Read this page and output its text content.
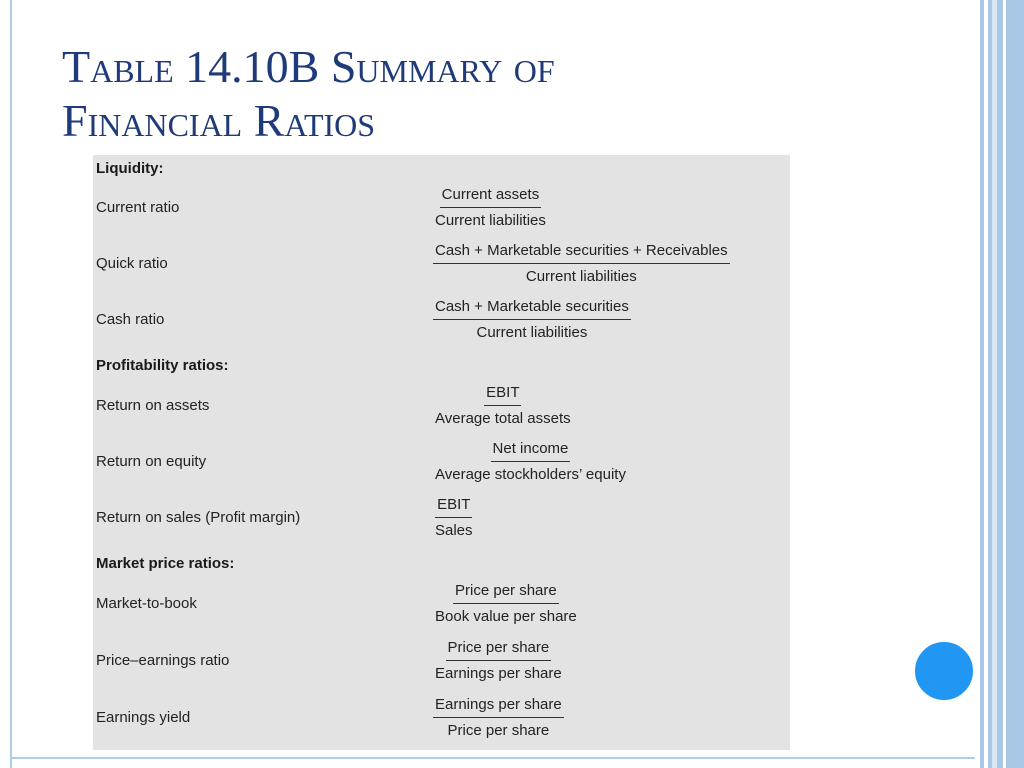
Table 14.10B Summary of
Financial Ratios
Liquidity:
Current ratio
Current assets
Current liabilities
Quick ratio
Cash + Marketable securities + Receivables
Current liabilities
Cash ratio
Cash + Marketable securities
Current liabilities
Profitability ratios:
Return on assets
EBIT
Average total assets
Return on equity
Net income
Average stockholders’ equity
Return on sales (Profit margin)
EBIT
Sales
Market price ratios:
Market-to-book
Price per share
Book value per share
Price–earnings ratio
Price per share
Earnings per share
Earnings yield
Earnings per share
Price per share
